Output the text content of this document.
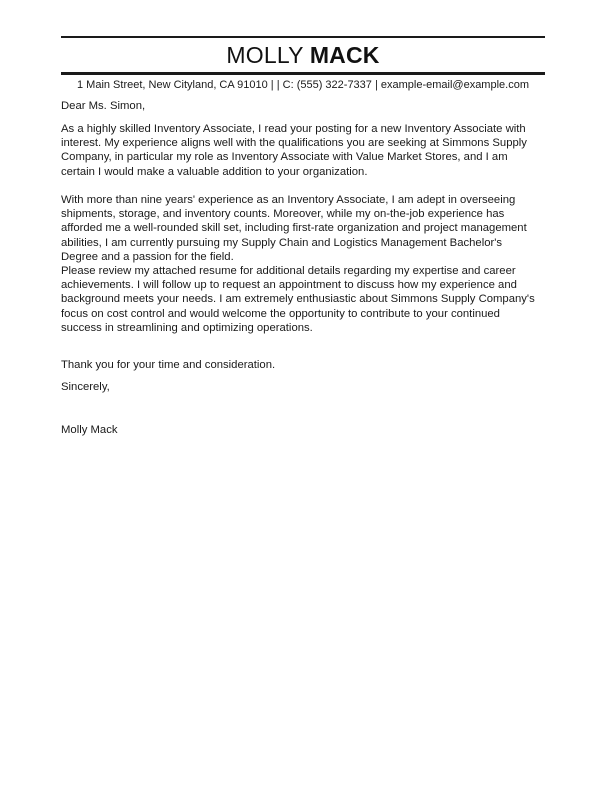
MOLLY MACK
1 Main Street, New Cityland, CA 91010 | | C: (555) 322-7337 | example-email@example.com
Dear Ms. Simon,
As a highly skilled Inventory Associate, I read your posting for a new Inventory Associate with interest. My experience aligns well with the qualifications you are seeking at Simmons Supply Company, in particular my role as Inventory Associate with Value Market Stores, and I am certain I would make a valuable addition to your organization.
With more than nine years' experience as an Inventory Associate, I am adept in overseeing shipments, storage, and inventory counts. Moreover, while my on-the-job experience has afforded me a well-rounded skill set, including first-rate organization and project management abilities, I am currently pursuing my Supply Chain and Logistics Management Bachelor's Degree and a passion for the field.
Please review my attached resume for additional details regarding my expertise and career achievements. I will follow up to request an appointment to discuss how my experience and background meets your needs. I am extremely enthusiastic about Simmons Supply Company's focus on cost control and would welcome the opportunity to contribute to your continued success in streamlining and optimizing operations.
Thank you for your time and consideration.
Sincerely,
Molly Mack
